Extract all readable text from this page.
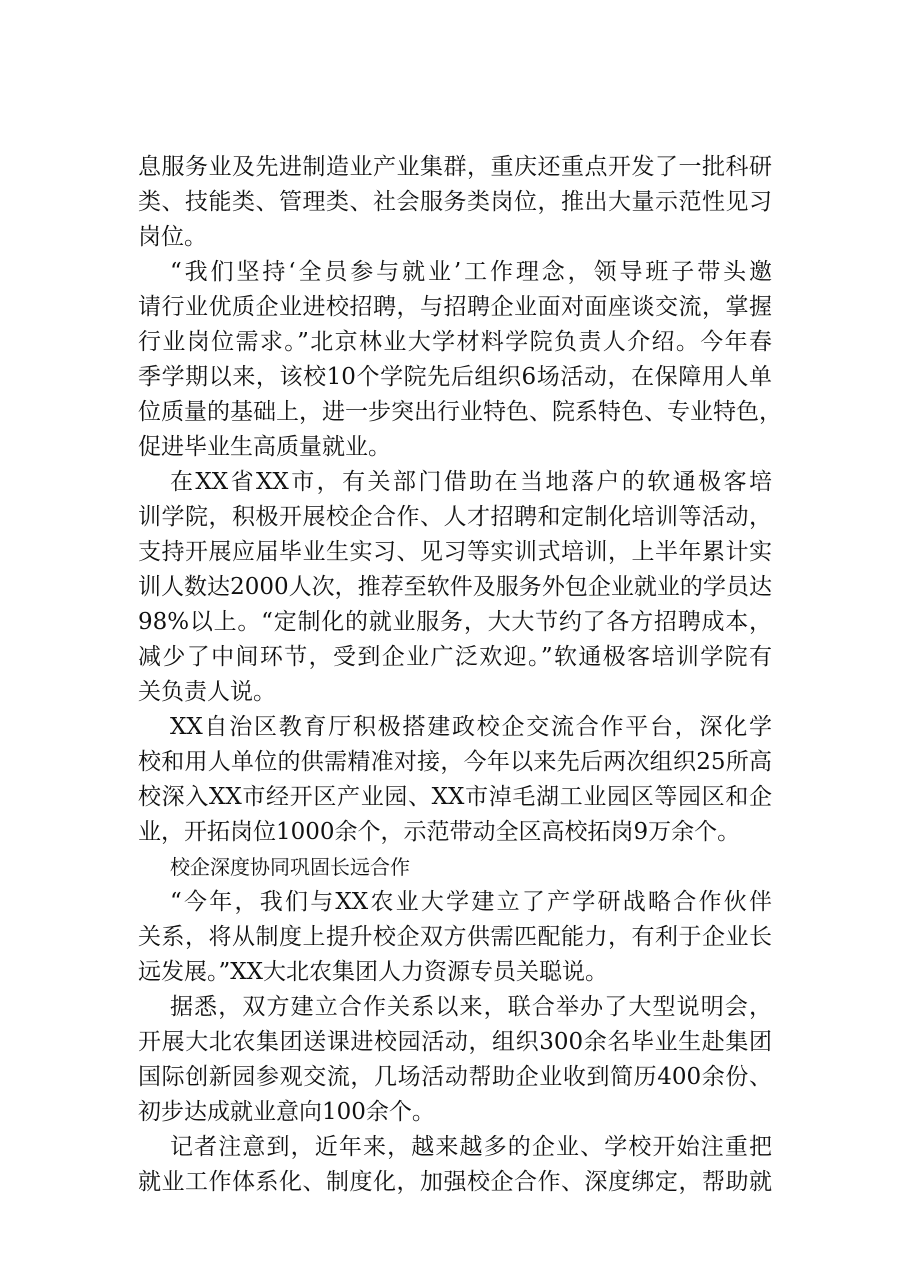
息服务业及先进制造业产业集群，重庆还重点开发了一批科研
类、技能类、管理类、社会服务类岗位，推出大量示范性见习
岗位。
“我们坚持‘全员参与就业’工作理念，领导班子带头邀
请行业优质企业进校招聘，与招聘企业面对面座谈交流，掌握
行业岗位需求。”北京林业大学材料学院负责人介绍。今年春
季学期以来，该校10个学院先后组织6场活动，在保障用人单
位质量的基础上，进一步突出行业特色、院系特色、专业特色，
促进毕业生高质量就业。
在XX省XX市，有关部门借助在当地落户的软通极客培
训学院，积极开展校企合作、人才招聘和定制化培训等活动，
支持开展应届毕业生实习、见习等实训式培训，上半年累计实
训人数达2000人次，推荐至软件及服务外包企业就业的学员达
98%以上。“定制化的就业服务，大大节约了各方招聘成本，
减少了中间环节，受到企业广泛欢迎。”软通极客培训学院有
关负责人说。
XX自治区教育厅积极搭建政校企交流合作平台，深化学
校和用人单位的供需精准对接，今年以来先后两次组织25所高
校深入XX市经开区产业园、XX市淖毛湖工业园区等园区和企
业，开拓岗位1000余个，示范带动全区高校拓岗9万余个。
校企深度协同巩固长远合作
“今年，我们与XX农业大学建立了产学研战略合作伙伴
关系，将从制度上提升校企双方供需匹配能力，有利于企业长
远发展。”XX大北农集团人力资源专员关聪说。
据悉，双方建立合作关系以来，联合举办了大型说明会，
开展大北农集团送课进校园活动，组织300余名毕业生赴集团
国际创新园参观交流，几场活动帮助企业收到简历400余份、
初步达成就业意向100余个。
记者注意到，近年来，越来越多的企业、学校开始注重把
就业工作体系化、制度化，加强校企合作、深度绑定，帮助就
